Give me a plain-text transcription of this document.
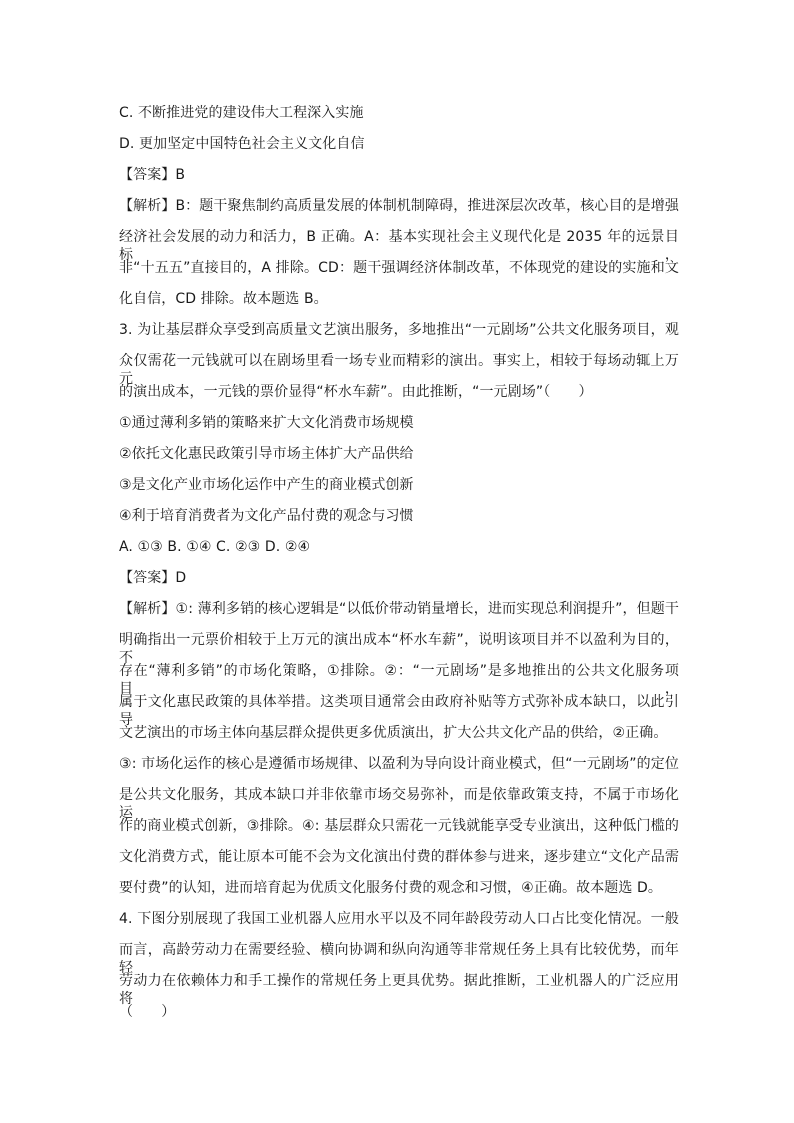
C. 不断推进党的建设伟大工程深入实施
D. 更加坚定中国特色社会主义文化自信
【答案】B
【解析】B：题干聚焦制约高质量发展的体制机制障碍，推进深层次改革，核心目的是增强
经济社会发展的动力和活力，B 正确。A：基本实现社会主义现代化是 2035 年的远景目标，
非“十五五”直接目的，A 排除。CD：题干强调经济体制改革，不体现党的建设的实施和文
化自信，CD 排除。故本题选 B。
3. 为让基层群众享受到高质量文艺演出服务，多地推出“一元剧场”公共文化服务项目，观
众仅需花一元钱就可以在剧场里看一场专业而精彩的演出。事实上，相较于每场动辄上万元
的演出成本，一元钱的票价显得“杯水车薪”。由此推断，“一元剧场”（　　）
①通过薄利多销的策略来扩大文化消费市场规模
②依托文化惠民政策引导市场主体扩大产品供给
③是文化产业市场化运作中产生的商业模式创新
④利于培育消费者为文化产品付费的观念与习惯
A. ①③ B. ①④ C. ②③ D. ②④
【答案】D
【解析】①: 薄利多销的核心逻辑是“以低价带动销量增长，进而实现总利润提升”，但题干
明确指出一元票价相较于上万元的演出成本“杯水车薪”，说明该项目并不以盈利为目的，不
存在“薄利多销”的市场化策略，①排除。②：“一元剧场”是多地推出的公共文化服务项目，
属于文化惠民政策的具体举措。这类项目通常会由政府补贴等方式弥补成本缺口，以此引导
文艺演出的市场主体向基层群众提供更多优质演出，扩大公共文化产品的供给，②正确。
③: 市场化运作的核心是遵循市场规律、以盈利为导向设计商业模式，但“一元剧场”的定位
是公共文化服务，其成本缺口并非依靠市场交易弥补，而是依靠政策支持，不属于市场化运
作的商业模式创新，③排除。④: 基层群众只需花一元钱就能享受专业演出，这种低门槛的
文化消费方式，能让原本可能不会为文化演出付费的群体参与进来，逐步建立“文化产品需
要付费”的认知，进而培育起为优质文化服务付费的观念和习惯，④正确。故本题选 D。
4. 下图分别展现了我国工业机器人应用水平以及不同年龄段劳动人口占比变化情况。一般
而言，高龄劳动力在需要经验、横向协调和纵向沟通等非常规任务上具有比较优势，而年轻
劳动力在依赖体力和手工操作的常规任务上更具优势。据此推断，工业机器人的广泛应用将
（　　）
